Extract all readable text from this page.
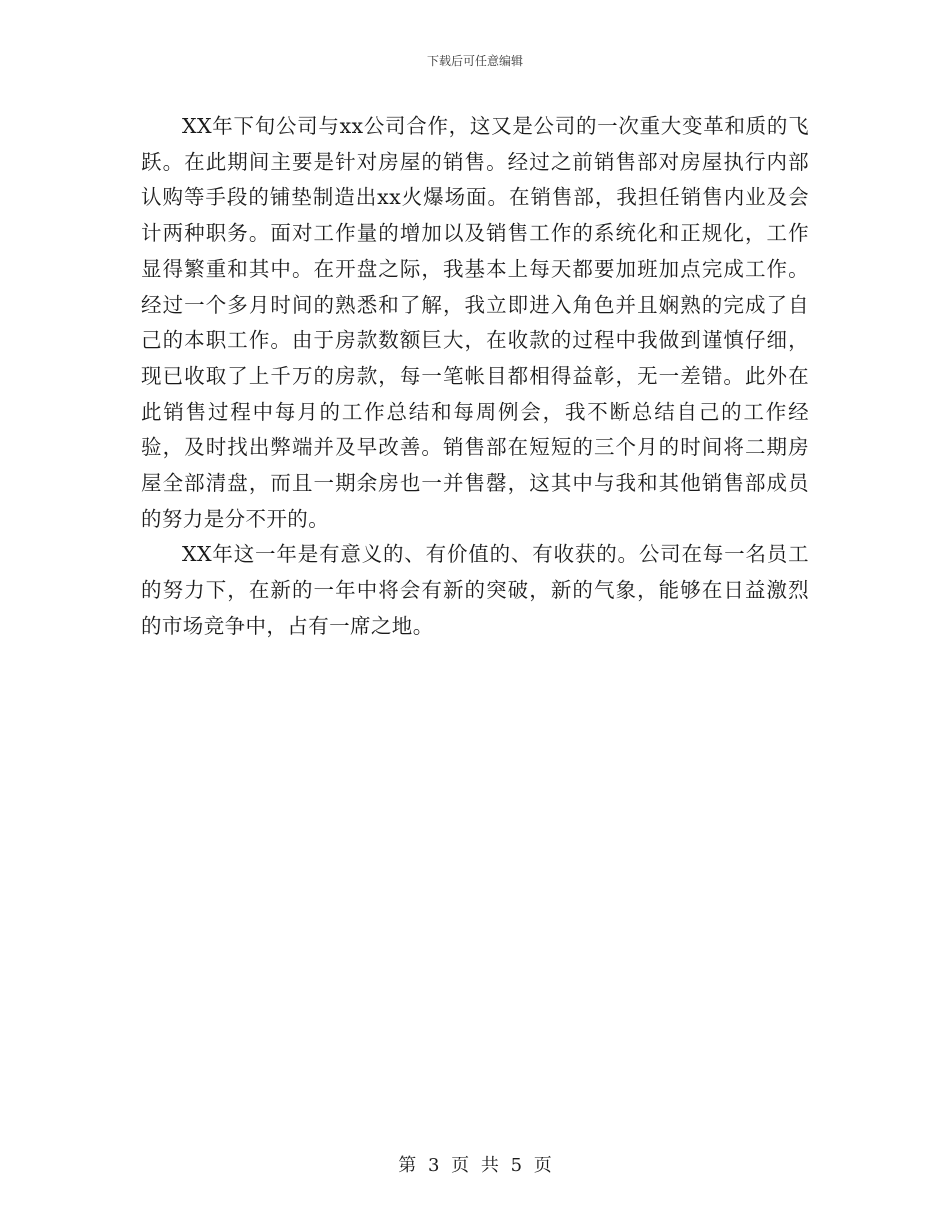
下载后可任意编辑

XX年下旬公司与xx公司合作，这又是公司的一次重大变革和质的飞跃。在此期间主要是针对房屋的销售。经过之前销售部对房屋执行内部认购等手段的铺垫制造出xx火爆场面。在销售部，我担任销售内业及会计两种职务。面对工作量的增加以及销售工作的系统化和正规化，工作显得繁重和其中。在开盘之际，我基本上每天都要加班加点完成工作。经过一个多月时间的熟悉和了解，我立即进入角色并且娴熟的完成了自己的本职工作。由于房款数额巨大，在收款的过程中我做到谨慎仔细，现已收取了上千万的房款，每一笔帐目都相得益彰，无一差错。此外在此销售过程中每月的工作总结和每周例会，我不断总结自己的工作经验，及时找出弊端并及早改善。销售部在短短的三个月的时间将二期房屋全部清盘，而且一期余房也一并售罄，这其中与我和其他销售部成员的努力是分不开的。

XX年这一年是有意义的、有价值的、有收获的。公司在每一名员工的努力下，在新的一年中将会有新的突破，新的气象，能够在日益激烈的市场竞争中，占有一席之地。

第 3 页 共 5 页
